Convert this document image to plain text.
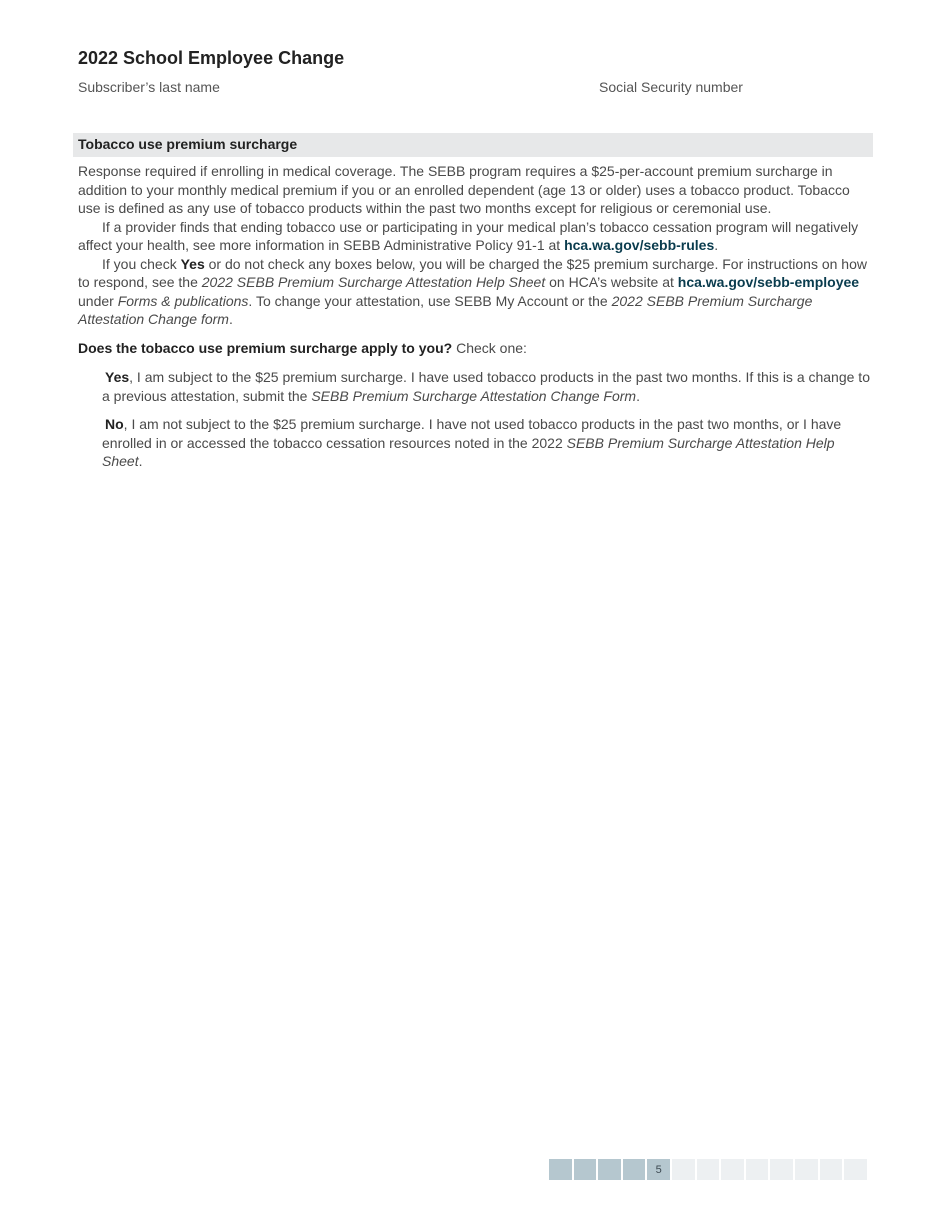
2022 School Employee Change
Subscriber’s last name	Social Security number
Tobacco use premium surcharge

Response required if enrolling in medical coverage. The SEBB program requires a $25-per-account premium surcharge in addition to your monthly medical premium if you or an enrolled dependent (age 13 or older) uses a tobacco product. Tobacco use is defined as any use of tobacco products within the past two months except for religious or ceremonial use.

If a provider finds that ending tobacco use or participating in your medical plan’s tobacco cessation program will negatively affect your health, see more information in SEBB Administrative Policy 91-1 at hca.wa.gov/sebb-rules.

If you check Yes or do not check any boxes below, you will be charged the $25 premium surcharge. For instructions on how to respond, see the 2022 SEBB Premium Surcharge Attestation Help Sheet on HCA’s website at hca.wa.gov/sebb-employee
under Forms & publications. To change your attestation, use SEBB My Account or the 2022 SEBB Premium Surcharge Attestation Change form.

Does the tobacco use premium surcharge apply to you? Check one:
Yes, I am subject to the $25 premium surcharge. I have used tobacco products in the past two months. If this is a change to a previous attestation, submit the SEBB Premium Surcharge Attestation Change Form.
No, I am not subject to the $25 premium surcharge. I have not used tobacco products in the past two months, or I have enrolled in or accessed the tobacco cessation resources noted in the 2022 SEBB Premium Surcharge Attestation Help Sheet.
5
